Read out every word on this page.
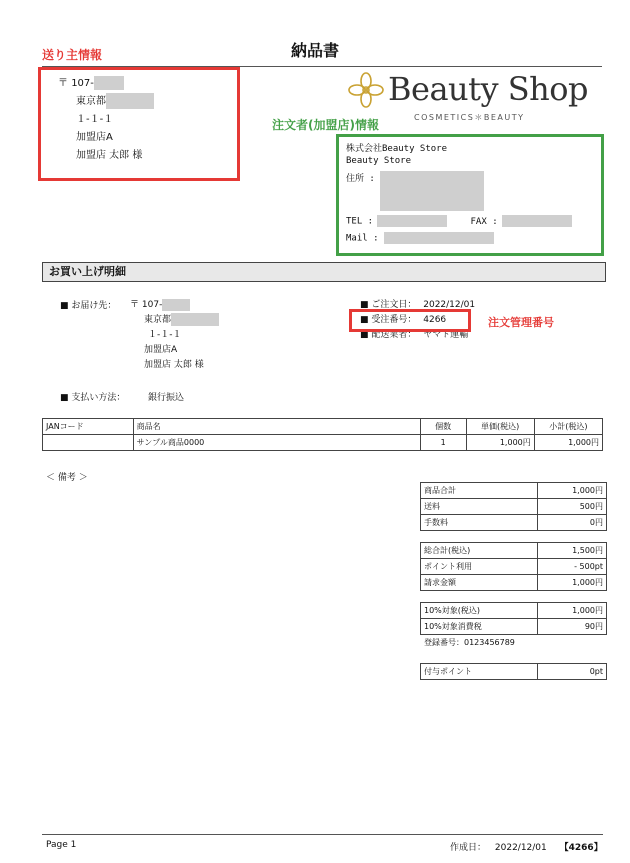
納品書
送り主情報
〒 107-
東京都
１-１-１
加盟店A
加盟店 太郎 様
Beauty Shop
COSMETICS＊BEAUTY
注文者(加盟店)情報
株式会社Beauty Store
Beauty Store
住所 :
TEL :	FAX :
Mail :
お買い上げ明細
■ お届け先： 〒 107-
東京都
１-１-１
加盟店A
加盟店 太郎 様
■ ご注文日： 2022/12/01
■ 受注番号： 4266
■ 配送業者： ヤマト運輸
注文管理番号
■ 支払い方法：	銀行振込
JANコード	商品名	個数	単価(税込)	小計(税込)
	サンプル商品0000	1	1,000円	1,000円
＜ 備考 ＞
商品合計	1,000円
送料	500円
手数料	0円
総合計(税込)	1,500円
ポイント利用	- 500pt
請求金額	1,000円
10%対象(税込)	1,000円
10%対象消費税	90円
登録番号：0123456789
付与ポイント	0pt
Page 1	作成日： 2022/12/01 【4266】
